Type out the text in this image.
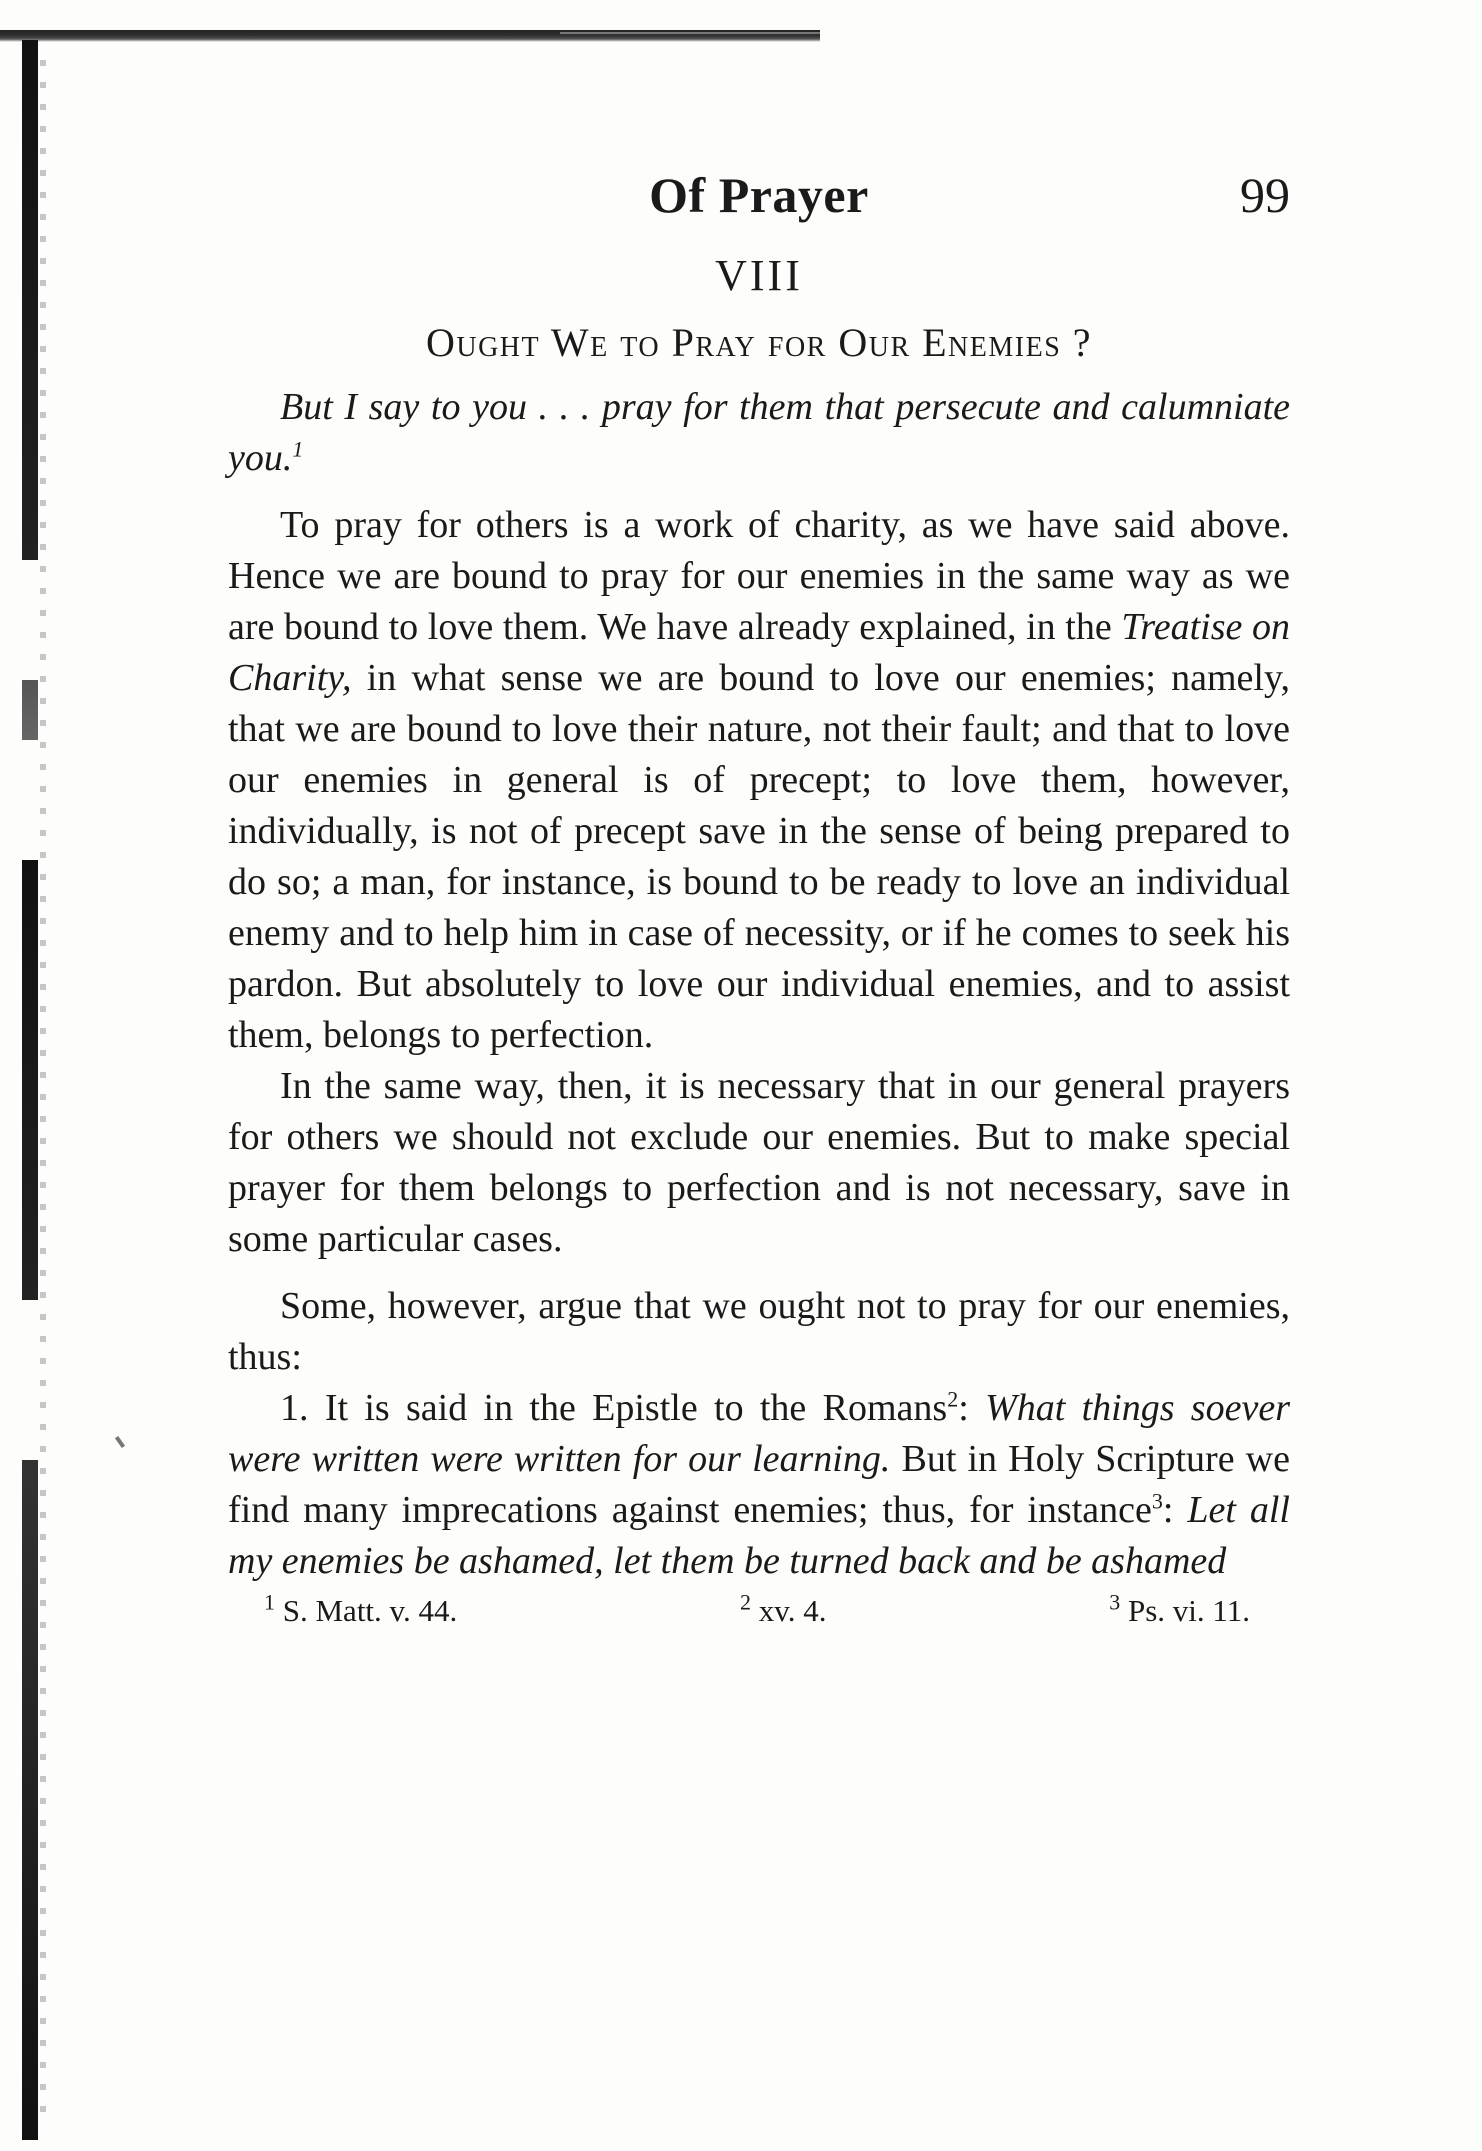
Of Prayer	99
VIII
Ought We to Pray for Our Enemies ?
But I say to you . . . pray for them that persecute and calumniate you.$^1$

To pray for others is a work of charity, as we have said above. Hence we are bound to pray for our enemies in the same way as we are bound to love them. We have already explained, in the Treatise on Charity, in what sense we are bound to love our enemies; namely, that we are bound to love their nature, not their fault; and that to love our enemies in general is of precept; to love them, however, individually, is not of precept save in the sense of being prepared to do so; a man, for instance, is bound to be ready to love an individual enemy and to help him in case of necessity, or if he comes to seek his pardon. But absolutely to love our individual enemies, and to assist them, belongs to perfection.

In the same way, then, it is necessary that in our general prayers for others we should not exclude our enemies. But to make special prayer for them belongs to perfection and is not necessary, save in some particular cases.

Some, however, argue that we ought not to pray for our enemies, thus:

1. It is said in the Epistle to the Romans$^2$: What things soever were written were written for our learning. But in Holy Scripture we find many imprecations against enemies; thus, for instance$^3$: Let all my enemies be ashamed, let them be turned back and be ashamed

$^1$ S. Matt. v. 44.	$^2$ xv. 4.	$^3$ Ps. vi. 11.
